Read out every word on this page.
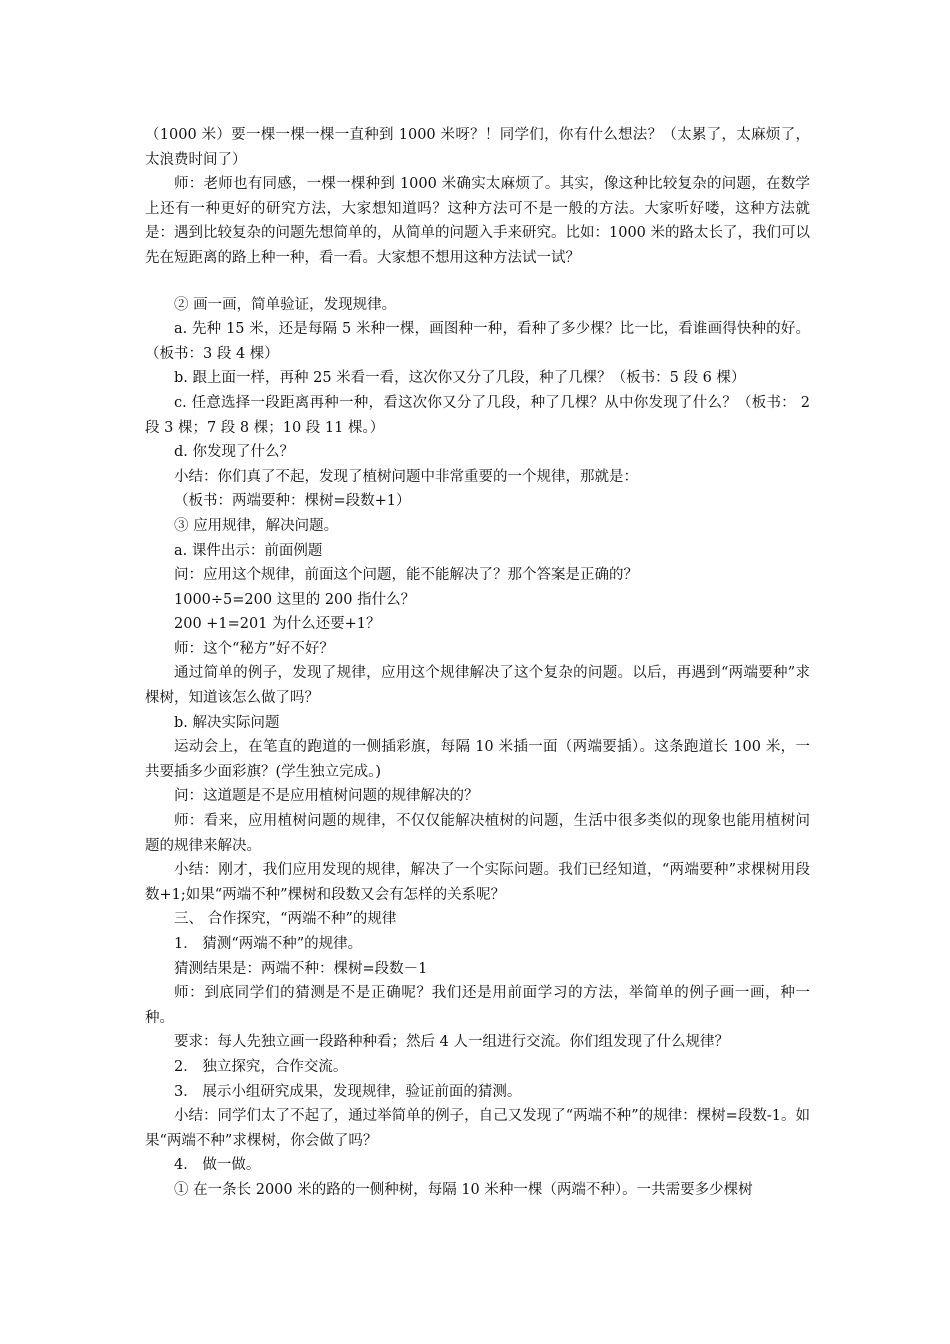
（1000 米）要一棵一棵一棵一直种到 1000 米呀？！同学们，你有什么想法？（太累了，太麻烦了，太浪费时间了）

师：老师也有同感，一棵一棵种到 1000 米确实太麻烦了。其实，像这种比较复杂的问题，在数学上还有一种更好的研究方法，大家想知道吗？这种方法可不是一般的方法。大家听好喽，这种方法就是：遇到比较复杂的问题先想简单的，从简单的问题入手来研究。比如：1000 米的路太长了，我们可以先在短距离的路上种一种，看一看。大家想不想用这种方法试一试？

② 画一画，简单验证，发现规律。

a. 先种 15 米，还是每隔 5 米种一棵，画图种一种，看种了多少棵？比一比，看谁画得快种的好。（板书：3 段 4 棵）

b. 跟上面一样，再种 25 米看一看，这次你又分了几段，种了几棵？（板书：5 段 6 棵）

c. 任意选择一段距离再种一种，看这次你又分了几段，种了几棵？从中你发现了什么？（板书： 2 段 3 棵；7 段 8 棵；10 段 11 棵。）

d. 你发现了什么？

小结：你们真了不起，发现了植树问题中非常重要的一个规律，那就是：

（板书：两端要种：棵树=段数+1）

③ 应用规律，解决问题。

a. 课件出示：前面例题

问：应用这个规律，前面这个问题，能不能解决了？那个答案是正确的？

1000÷5=200 这里的 200 指什么？

200 +1=201 为什么还要+1？

师：这个“秘方”好不好？

通过简单的例子，发现了规律，应用这个规律解决了这个复杂的问题。以后，再遇到“两端要种”求棵树，知道该怎么做了吗？

b. 解决实际问题

运动会上，在笔直的跑道的一侧插彩旗，每隔 10 米插一面（两端要插）。这条跑道长 100 米，一共要插多少面彩旗？(学生独立完成。)

问：这道题是不是应用植树问题的规律解决的？

师：看来，应用植树问题的规律，不仅仅能解决植树的问题，生活中很多类似的现象也能用植树问题的规律来解决。

小结：刚才，我们应用发现的规律，解决了一个实际问题。我们已经知道，“两端要种”求棵树用段数+1;如果“两端不种”棵树和段数又会有怎样的关系呢？

三、 合作探究，“两端不种”的规律

1． 猜测“两端不种”的规律。

猜测结果是：两端不种：棵树=段数－1

师：到底同学们的猜测是不是正确呢？我们还是用前面学习的方法，举简单的例子画一画，种一种。

要求：每人先独立画一段路种种看；然后 4 人一组进行交流。你们组发现了什么规律？

2． 独立探究，合作交流。

3． 展示小组研究成果，发现规律，验证前面的猜测。

小结：同学们太了不起了，通过举简单的例子，自己又发现了“两端不种”的规律：棵树=段数-1。如果“两端不种”求棵树，你会做了吗？

4． 做一做。

① 在一条长 2000 米的路的一侧种树，每隔 10 米种一棵（两端不种）。一共需要多少棵树
